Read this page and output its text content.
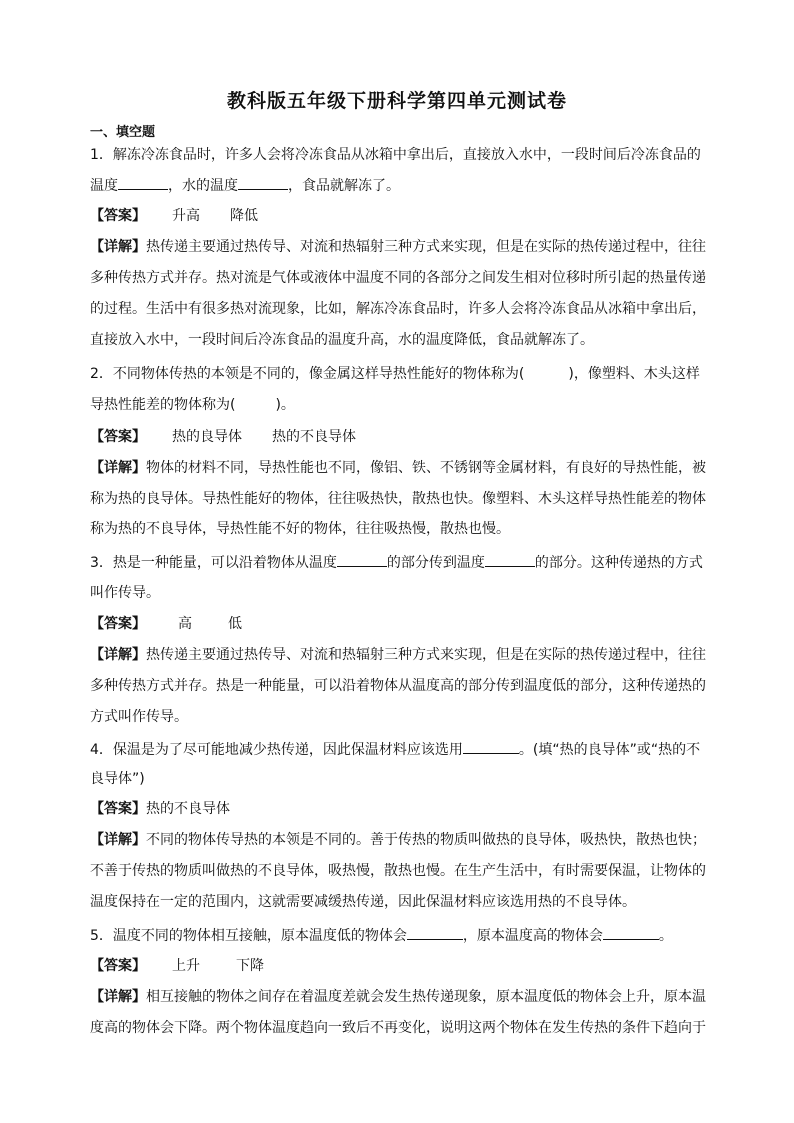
教科版五年级下册科学第四单元测试卷
一、填空题
1．解冻冷冻食品时，许多人会将冷冻食品从冰箱中拿出后，直接放入水中，一段时间后冷冻食品的
温度	，水的温度	，食品就解冻了。
【答案】 升高 降低
【详解】热传递主要通过热传导、对流和热辐射三种方式来实现，但是在实际的热传递过程中，往往
多种传热方式并存。热对流是气体或液体中温度不同的各部分之间发生相对位移时所引起的热量传递
的过程。生活中有很多热对流现象，比如，解冻冷冻食品时，许多人会将冷冻食品从冰箱中拿出后，
直接放入水中，一段时间后冷冻食品的温度升高，水的温度降低，食品就解冻了。
2．不同物体传热的本领是不同的，像金属这样导热性能好的物体称为(	)，像塑料、木头这样
导热性能差的物体称为(	)。
【答案】 热的良导体 热的不良导体
【详解】物体的材料不同，导热性能也不同，像铝、铁、不锈钢等金属材料，有良好的导热性能，被
称为热的良导体。导热性能好的物体，往往吸热快，散热也快。像塑料、木头这样导热性能差的物体
称为热的不良导体，导热性能不好的物体，往往吸热慢，散热也慢。
3．热是一种能量，可以沿着物体从温度	的部分传到温度	的部分。这种传递热的方式
叫作传导。
【答案】 高	低
【详解】热传递主要通过热传导、对流和热辐射三种方式来实现，但是在实际的热传递过程中，往往
多种传热方式并存。热是一种能量，可以沿着物体从温度高的部分传到温度低的部分，这种传递热的
方式叫作传导。
4．保温是为了尽可能地减少热传递，因此保温材料应该选用	。(填“热的良导体”或“热的不
良导体”)
【答案】热的不良导体
【详解】不同的物体传导热的本领是不同的。善于传热的物质叫做热的良导体，吸热快，散热也快；
不善于传热的物质叫做热的不良导体，吸热慢，散热也慢。在生产生活中，有时需要保温，让物体的
温度保持在一定的范围内，这就需要减缓热传递，因此保温材料应该选用热的不良导体。
5．温度不同的物体相互接触，原本温度低的物体会	，原本温度高的物体会	。
【答案】 上升	下降
【详解】相互接触的物体之间存在着温度差就会发生热传递现象，原本温度低的物体会上升，原本温
度高的物体会下降。两个物体温度趋向一致后不再变化，说明这两个物体在发生传热的条件下趋向于
